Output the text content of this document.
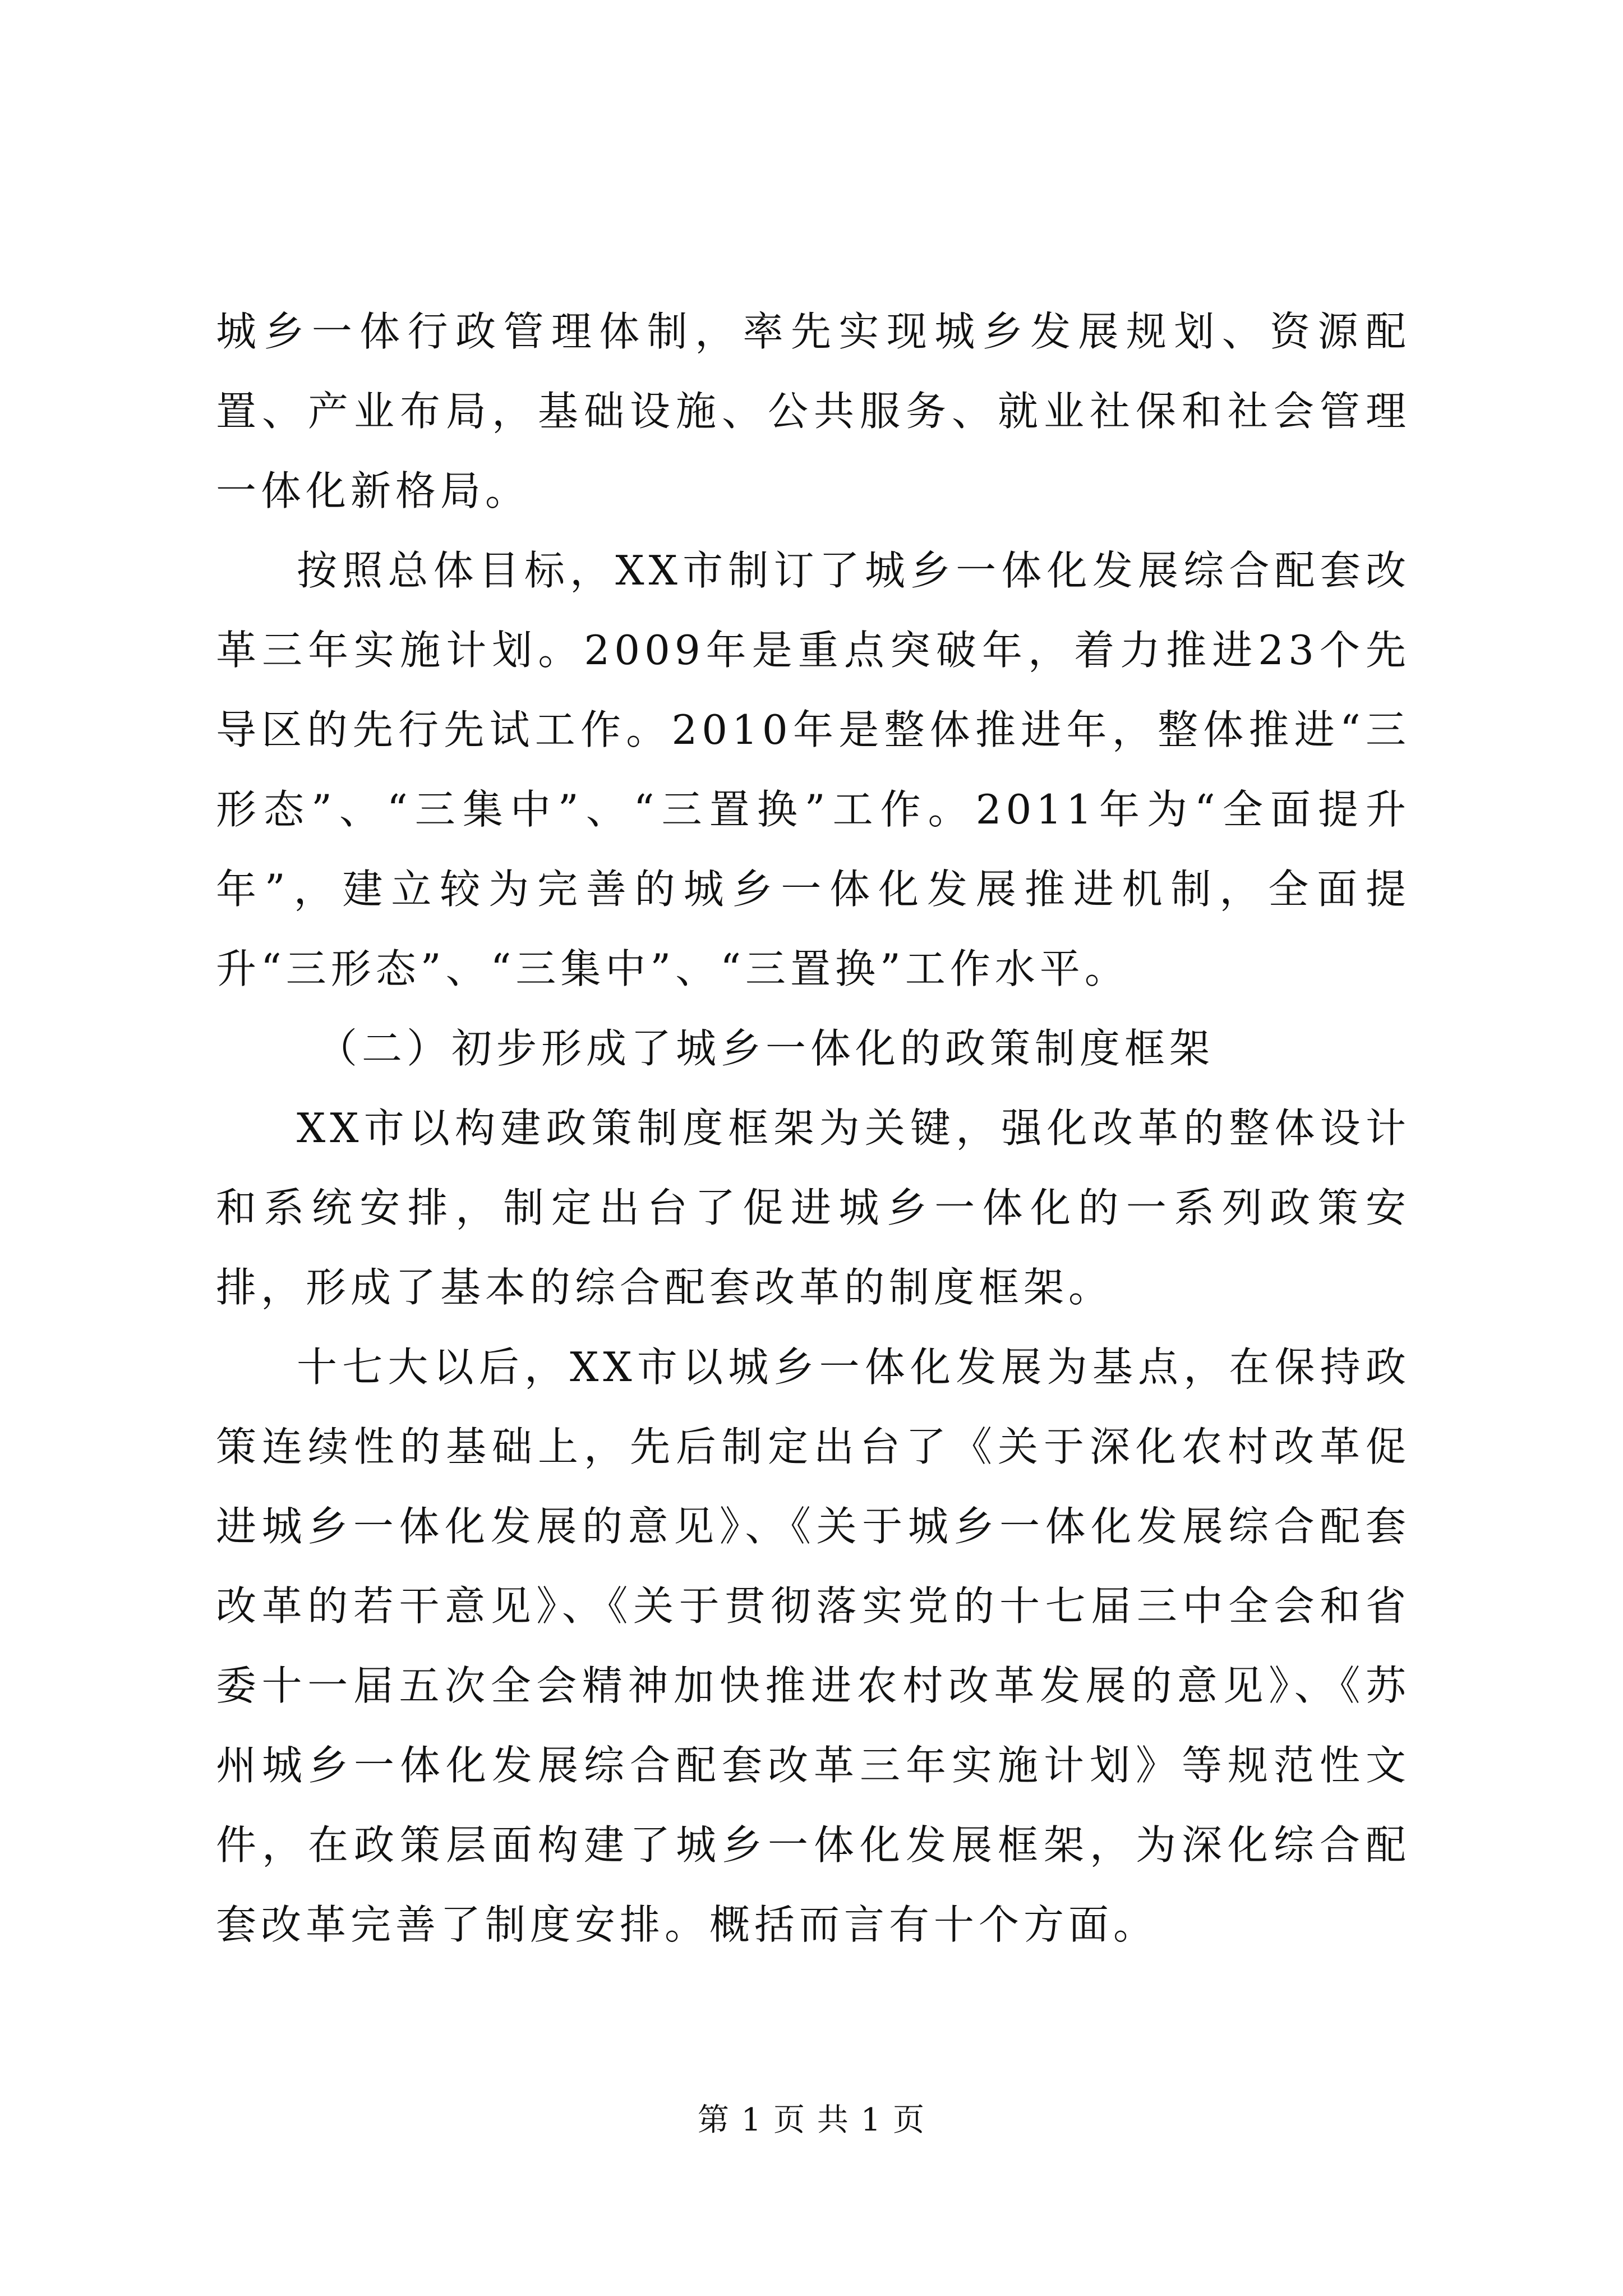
城乡一体行政管理体制，率先实现城乡发展规划、资源配置、产业布局，基础设施、公共服务、就业社保和社会管理一体化新格局。

按照总体目标，XX市制订了城乡一体化发展综合配套改革三年实施计划。2009年是重点突破年，着力推进23个先导区的先行先试工作。2010年是整体推进年，整体推进“三形态”、“三集中”、“三置换”工作。2011年为“全面提升年”，建立较为完善的城乡一体化发展推进机制，全面提升“三形态”、“三集中”、“三置换”工作水平。

（二）初步形成了城乡一体化的政策制度框架

XX市以构建政策制度框架为关键，强化改革的整体设计和系统安排，制定出台了促进城乡一体化的一系列政策安排，形成了基本的综合配套改革的制度框架。

十七大以后，XX市以城乡一体化发展为基点，在保持政策连续性的基础上，先后制定出台了《关于深化农村改革促进城乡一体化发展的意见》、《关于城乡一体化发展综合配套改革的若干意见》、《关于贯彻落实党的十七届三中全会和省委十一届五次全会精神加快推进农村改革发展的意见》、《苏州城乡一体化发展综合配套改革三年实施计划》等规范性文件，在政策层面构建了城乡一体化发展框架，为深化综合配套改革完善了制度安排。概括而言有十个方面。

第 1 页 共 1 页
